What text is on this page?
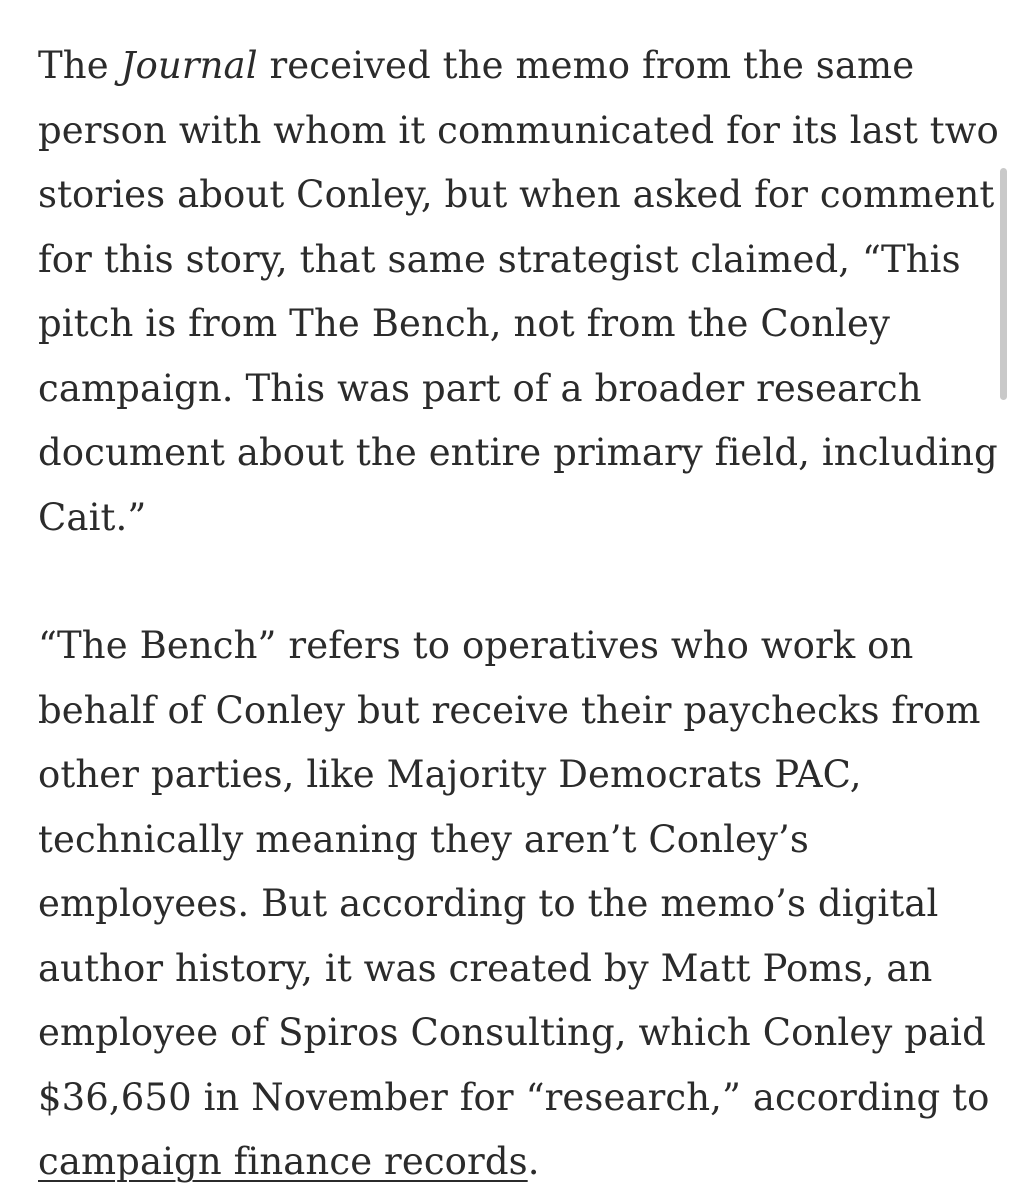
The Journal received the memo from the same
person with whom it communicated for its last two
stories about Conley, but when asked for comment
for this story, that same strategist claimed, “This
pitch is from The Bench, not from the Conley
campaign. This was part of a broader research
document about the entire primary field, including
Cait.”
“The Bench” refers to operatives who work on
behalf of Conley but receive their paychecks from
other parties, like Majority Democrats PAC,
technically meaning they aren’t Conley’s
employees. But according to the memo’s digital
author history, it was created by Matt Poms, an
employee of Spiros Consulting, which Conley paid
$36,650 in November for “research,” according to
campaign finance records.
